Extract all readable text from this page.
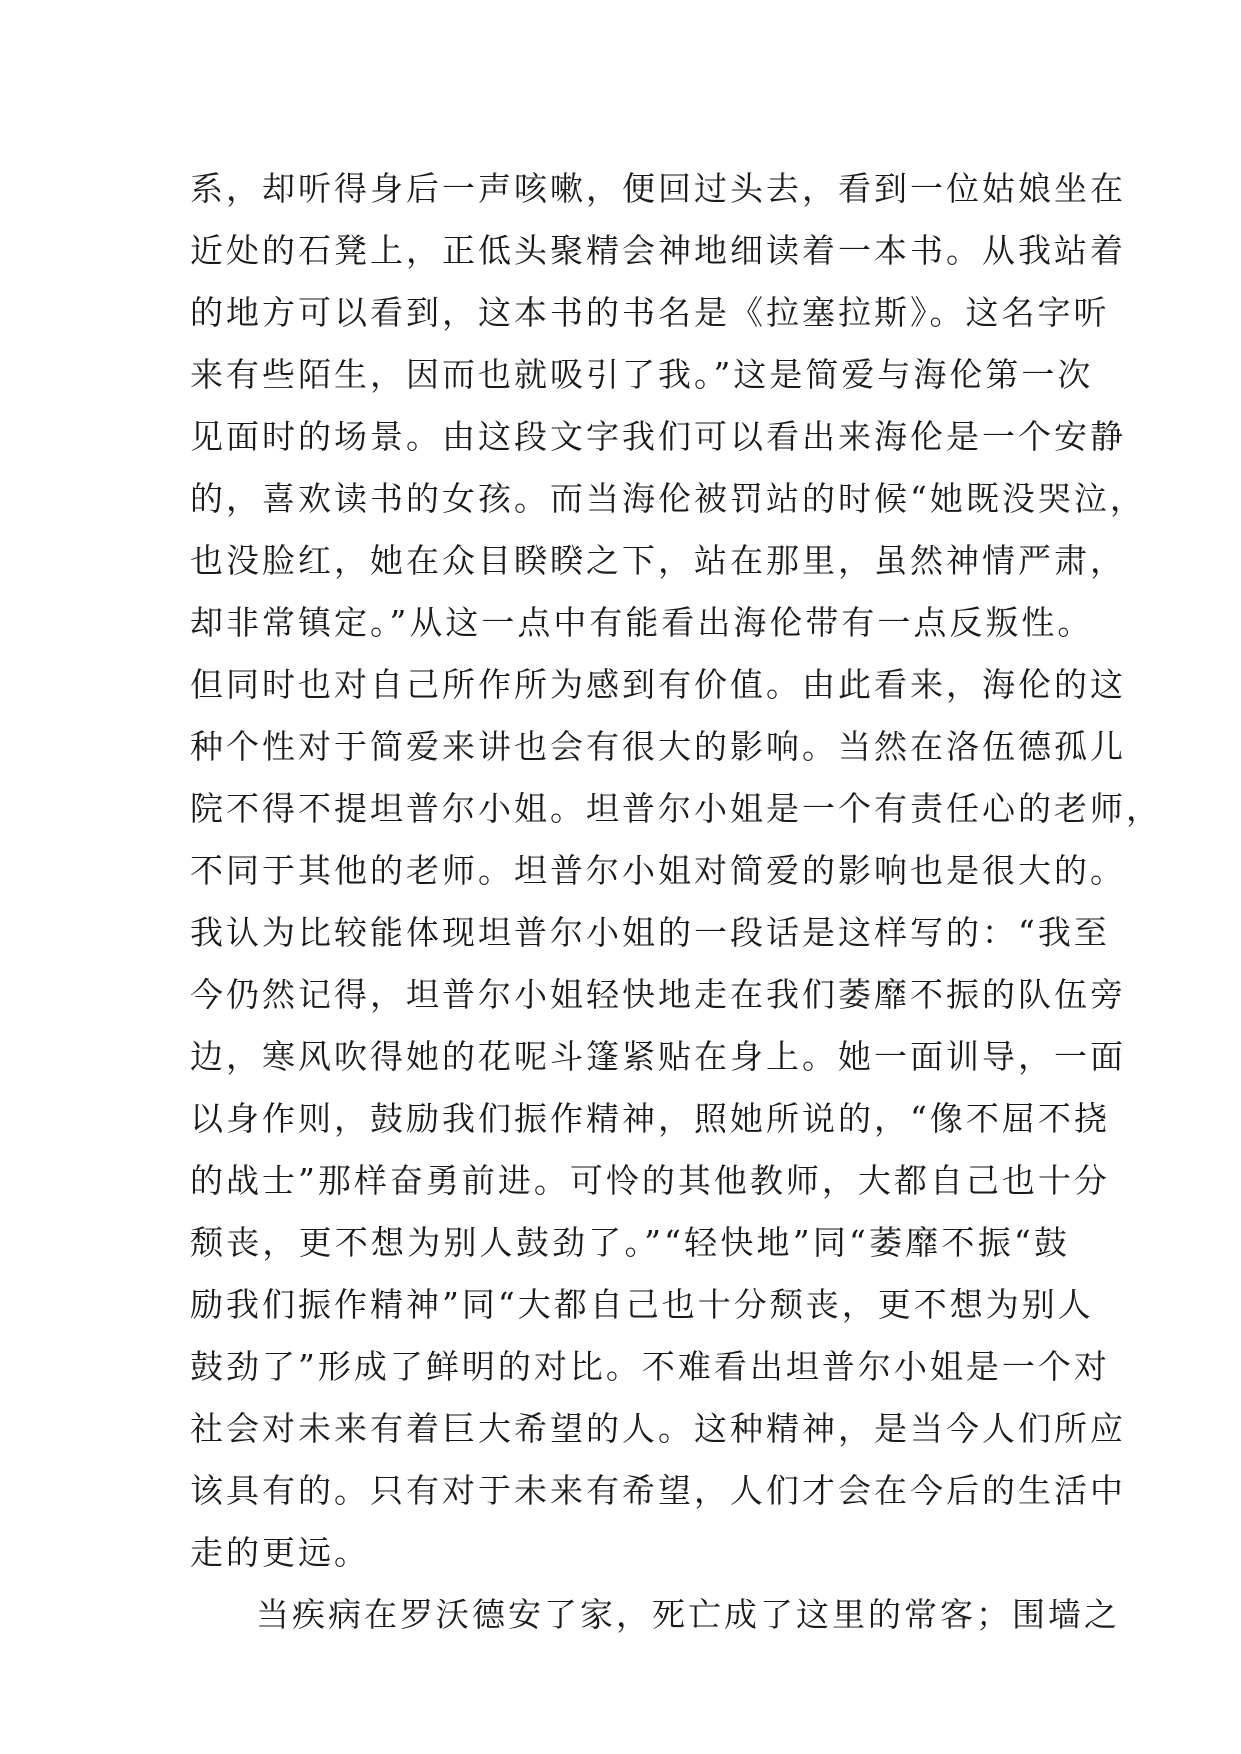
系，却听得身后一声咳嗽，便回过头去，看到一位姑娘坐在
近处的石凳上，正低头聚精会神地细读着一本书。从我站着
的地方可以看到，这本书的书名是《拉塞拉斯》。这名字听
来有些陌生，因而也就吸引了我。”这是简爱与海伦第一次
见面时的场景。由这段文字我们可以看出来海伦是一个安静
的，喜欢读书的女孩。而当海伦被罚站的时候“她既没哭泣，
也没脸红，她在众目睽睽之下，站在那里，虽然神情严肃，
却非常镇定。”从这一点中有能看出海伦带有一点反叛性。
但同时也对自己所作所为感到有价值。由此看来，海伦的这
种个性对于简爱来讲也会有很大的影响。当然在洛伍德孤儿
院不得不提坦普尔小姐。坦普尔小姐是一个有责任心的老师，
不同于其他的老师。坦普尔小姐对简爱的影响也是很大的。
我认为比较能体现坦普尔小姐的一段话是这样写的：“我至
今仍然记得，坦普尔小姐轻快地走在我们萎靡不振的队伍旁
边，寒风吹得她的花呢斗篷紧贴在身上。她一面训导，一面
以身作则，鼓励我们振作精神，照她所说的，“像不屈不挠
的战士”那样奋勇前进。可怜的其他教师，大都自己也十分
颓丧，更不想为别人鼓劲了。”“轻快地”同“萎靡不振“鼓
励我们振作精神”同“大都自己也十分颓丧，更不想为别人
鼓劲了”形成了鲜明的对比。不难看出坦普尔小姐是一个对
社会对未来有着巨大希望的人。这种精神，是当今人们所应
该具有的。只有对于未来有希望，人们才会在今后的生活中
走的更远。
当疾病在罗沃德安了家，死亡成了这里的常客；围墙之
